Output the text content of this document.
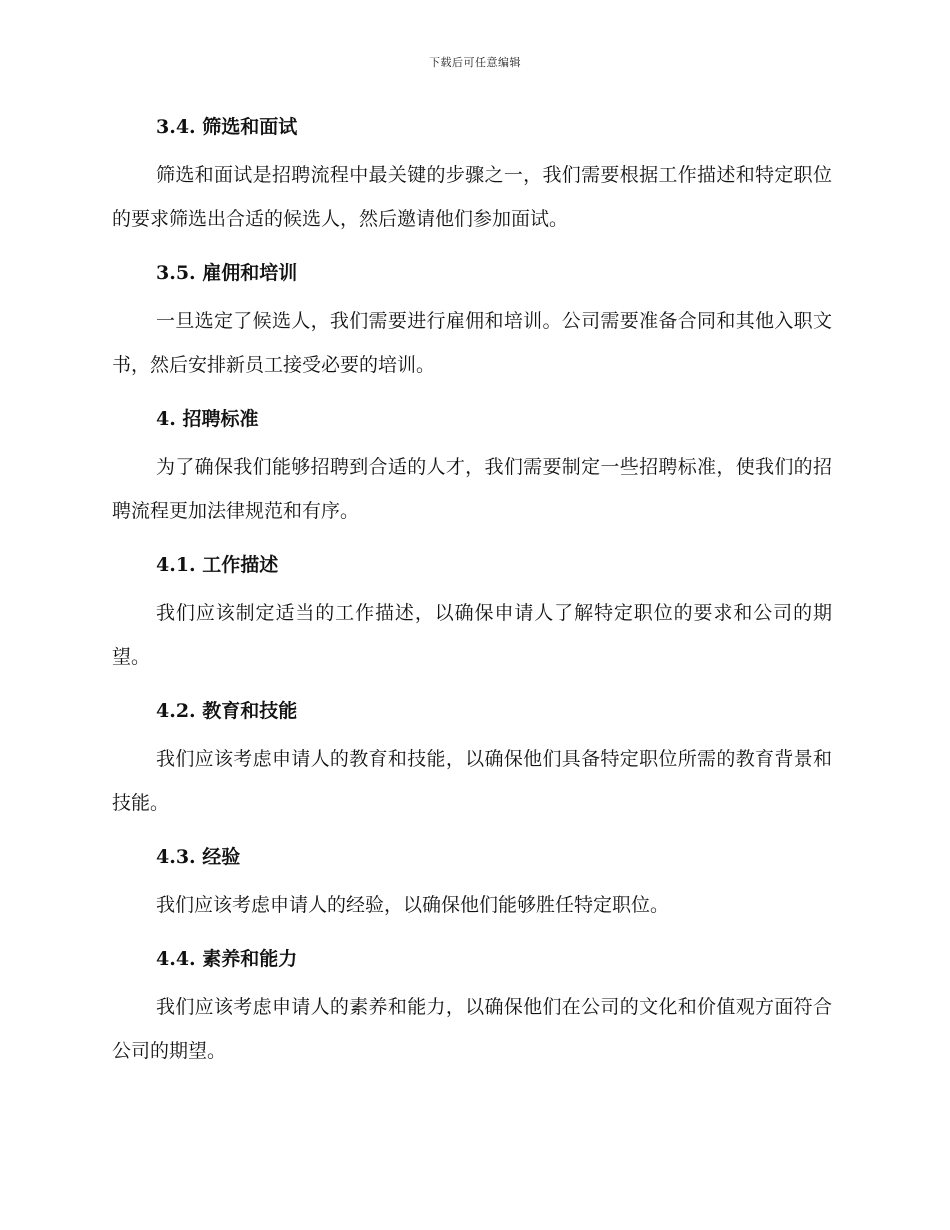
下载后可任意编辑
3.4. 筛选和面试

筛选和面试是招聘流程中最关键的步骤之一，我们需要根据工作描述和特定职位的要求筛选出合适的候选人，然后邀请他们参加面试。

3.5. 雇佣和培训

一旦选定了候选人，我们需要进行雇佣和培训。公司需要准备合同和其他入职文书，然后安排新员工接受必要的培训。

4. 招聘标准

为了确保我们能够招聘到合适的人才，我们需要制定一些招聘标准，使我们的招聘流程更加法律规范和有序。

4.1. 工作描述

我们应该制定适当的工作描述，以确保申请人了解特定职位的要求和公司的期望。

4.2. 教育和技能

我们应该考虑申请人的教育和技能，以确保他们具备特定职位所需的教育背景和技能。

4.3. 经验

我们应该考虑申请人的经验，以确保他们能够胜任特定职位。

4.4. 素养和能力

我们应该考虑申请人的素养和能力，以确保他们在公司的文化和价值观方面符合公司的期望。
